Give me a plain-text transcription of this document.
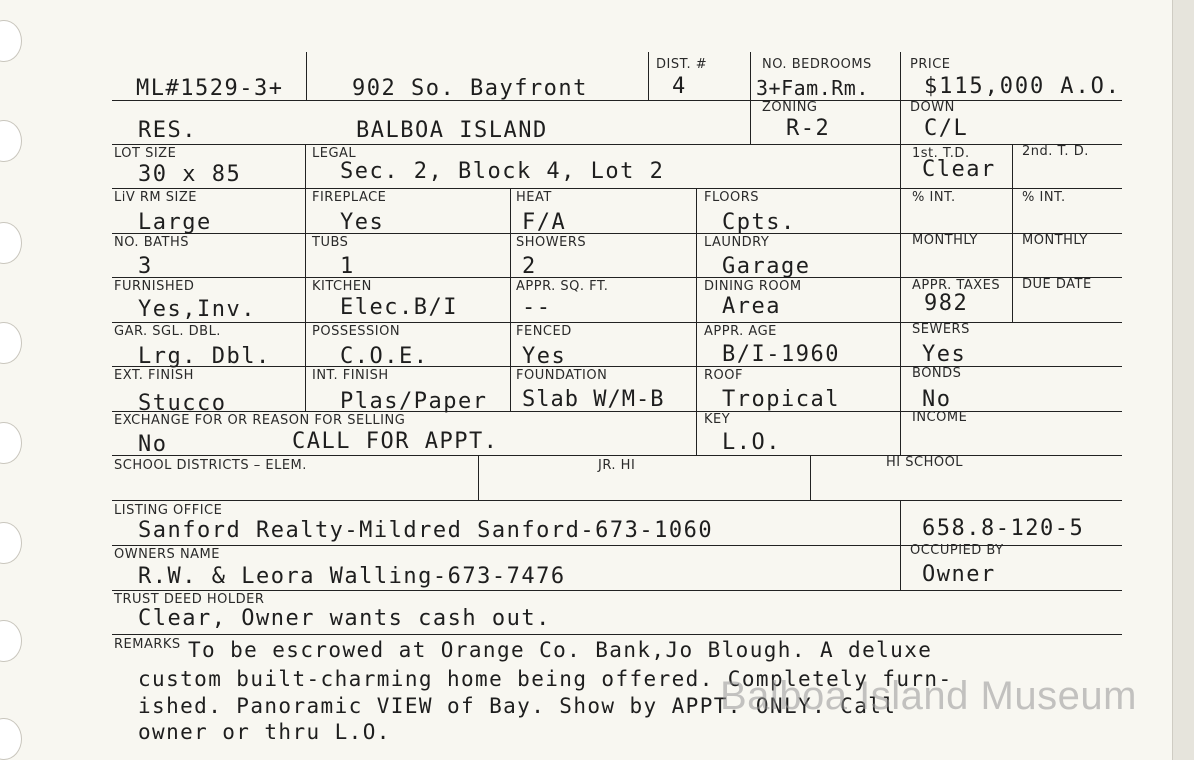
ML#1529-3+	902 So. Bayfront
DIST. #
4
NO. BEDROOMS
3+Fam.Rm.
PRICE
$115,000 A.O.
RES.	BALBOA ISLAND
ZONING
R-2
DOWN
C/L
LOT SIZE
30 x 85
LEGAL
Sec. 2, Block 4, Lot 2
1st. T.D.
Clear
2nd. T. D.
LiV RM SIZE
Large
FIREPLACE
Yes
HEAT
F/A
FLOORS
Cpts.
% INT.	% INT.
NO. BATHS
3
TUBS
1
SHOWERS
2
LAUNDRY
Garage
MONTHLY	MONTHLY
FURNISHED
Yes,Inv.
KITCHEN
Elec.B/I
APPR. SQ. FT.
--
DINING ROOM
Area
APPR. TAXES
982
DUE DATE
GAR. SGL. DBL.
Lrg. Dbl.
POSSESSION
C.O.E.
FENCED
Yes
APPR. AGE
B/I-1960
SEWERS
Yes
EXT. FINISH
Stucco
INT. FINISH
Plas/Paper
FOUNDATION
Slab W/M-B
ROOF
Tropical
BONDS
No
EXCHANGE FOR OR REASON FOR SELLING
No	CALL FOR APPT.
KEY
L.O.
INCOME
SCHOOL DISTRICTS – ELEM.	JR. HI	HI SCHOOL
LISTING OFFICE
Sanford Realty-Mildred Sanford-673-1060	658.8-120-5
OWNERS NAME
R.W. & Leora Walling-673-7476
OCCUPIED BY
Owner
TRUST DEED HOLDER
Clear, Owner wants cash out.
REMARKS To be escrowed at Orange Co. Bank,Jo Blough. A deluxe
custom built-charming home being offered. Completely furn-
ished. Panoramic VIEW of Bay. Show by APPT. ONLY. Call
owner or thru L.O.
Balboa Island Museum
